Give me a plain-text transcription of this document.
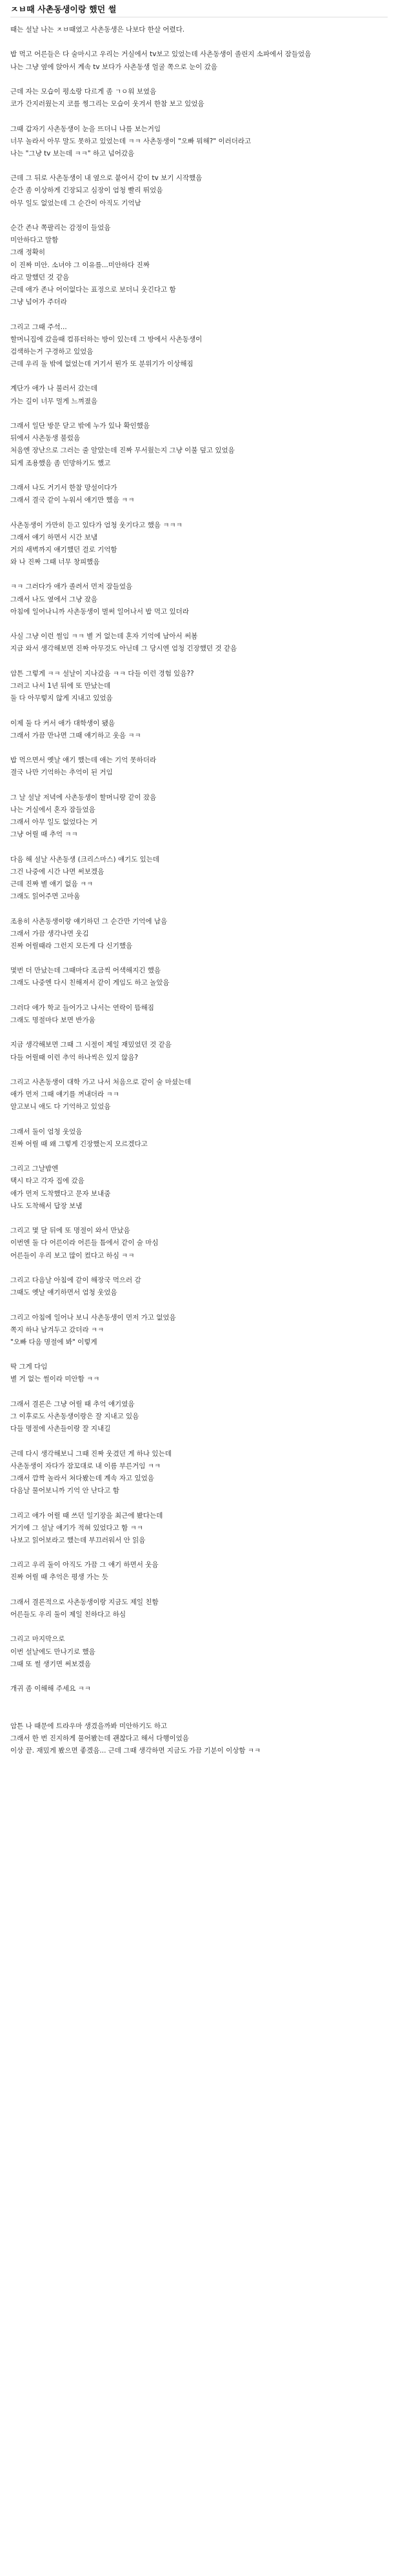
ㅈㅂ때 사촌동생이랑 했던 썰
때는 설날 나는 ㅈㅂ때였고 사촌동생은 나보다 한살 어렸다.
밥 먹고 어른들은 다 술마시고 우리는 거실에서 tv보고 있었는데 사촌동생이 졸린지 소파에서 잠들었음
나는 그냥 옆에 앉아서 계속 tv 보다가 사촌동생 얼굴 쪽으로 눈이 갔음
근데 자는 모습이 평소랑 다르게 좀 ㄱㅇ워 보였음
코가 간지러웠는지 코를 찡그리는 모습이 웃겨서 한참 보고 있었음
그때 갑자기 사촌동생이 눈을 뜨더니 나를 보는거임
너무 놀라서 아무 말도 못하고 있었는데 ㅋㅋ 사촌동생이 "오빠 뭐해?" 이러더라고
나는 "그냥 tv 보는데 ㅋㅋ" 하고 넘어갔음
근데 그 뒤로 사촌동생이 내 옆으로 붙어서 같이 tv 보기 시작했음
순간 좀 이상하게 긴장되고 심장이 엄청 빨리 뛰었음
아무 일도 없었는데 그 순간이 아직도 기억남
순간 존나 쪽팔리는 감정이 들었음
미안하다고 말함
그래 정확히
이 진짜 미안. 소녀야 그 이유를...미안하다 진짜
라고 말했던 것 같음
근데 애가 존나 어이없다는 표정으로 보더니 웃긴다고 함
그냥 넘어가 주더라
그리고 그때 주석...
할머니집에 갔을때 컴퓨터하는 방이 있는데 그 방에서 사촌동생이
검색하는거 구경하고 있었음
근데 우리 둘 밖에 없었는데 거기서 뭔가 또 분위기가 이상해짐
계단가 애가 나 불러서 갔는데
가는 길이 너무 멀게 느껴졌음
그래서 일단 방문 닫고 밖에 누가 있나 확인했음
뒤에서 사촌동생 불렀음
처음엔 장난으로 그러는 줄 알았는데 진짜 무서웠는지 그냥 이불 덮고 있었음
되게 조용했음 좀 민망하기도 했고
그래서 나도 거기서 한참 망설이다가
그래서 결국 같이 누워서 얘기만 했음 ㅋㅋ
사촌동생이 가만히 듣고 있다가 엄청 웃기다고 했음 ㅋㅋㅋ
그래서 얘기 하면서 시간 보냄
거의 새벽까지 얘기했던 걸로 기억함
와 나 진짜 그때 너무 창피했음
ㅋㅋ 그러다가 애가 졸려서 먼저 잠들었음
그래서 나도 옆에서 그냥 잤음
아침에 일어나니까 사촌동생이 벌써 일어나서 밥 먹고 있더라
사실 그냥 이런 썰임 ㅋㅋ 별 거 없는데 혼자 기억에 남아서 써봄
지금 와서 생각해보면 진짜 아무것도 아닌데 그 당시엔 엄청 긴장했던 것 같음
암튼 그렇게 ㅋㅋ 설날이 지나갔음 ㅋㅋ 다들 이런 경험 있음??
그러고 나서 1년 뒤에 또 만났는데
둘 다 아무렇지 않게 지내고 있었음
이제 둘 다 커서 애가 대학생이 됐음
그래서 가끔 만나면 그때 얘기하고 웃음 ㅋㅋ
밥 먹으면서 옛날 얘기 했는데 애는 기억 못하더라
결국 나만 기억하는 추억이 된 거임
그 날 설날 저녁에 사촌동생이 할머니랑 같이 잤음
나는 거실에서 혼자 잠들었음
그래서 아무 일도 없었다는 거
그냥 어릴 때 추억 ㅋㅋ
다음 해 설날 사촌동생 (크리스마스) 얘기도 있는데
그건 나중에 시간 나면 써보겠음
근데 진짜 별 얘기 없음 ㅋㅋ
그래도 읽어주면 고마움
조용히 사촌동생이랑 얘기하던 그 순간만 기억에 남음
그래서 가끔 생각나면 웃김
진짜 어릴때라 그런지 모든게 다 신기했음
몇번 더 만났는데 그때마다 조금씩 어색해지긴 했음
그래도 나중엔 다시 친해져서 같이 게임도 하고 놀았음
그러다 애가 학교 들어가고 나서는 연락이 뜸해짐
그래도 명절마다 보면 반가움
지금 생각해보면 그때 그 시절이 제일 재밌었던 것 같음
다들 어릴때 이런 추억 하나씩은 있지 않음?
그리고 사촌동생이 대학 가고 나서 처음으로 같이 술 마셨는데
애가 먼저 그때 얘기를 꺼내더라 ㅋㅋ
알고보니 애도 다 기억하고 있었음
그래서 둘이 엄청 웃었음
진짜 어릴 때 왜 그렇게 긴장했는지 모르겠다고
그리고 그날밤엔
택시 타고 각자 집에 갔음
애가 먼저 도착했다고 문자 보내줌
나도 도착해서 답장 보냄
그리고 몇 달 뒤에 또 명절이 와서 만났음
이번엔 둘 다 어른이라 어른들 틈에서 같이 술 마심
어른들이 우리 보고 많이 컸다고 하심 ㅋㅋ
그리고 다음날 아침에 같이 해장국 먹으러 감
그때도 옛날 얘기하면서 엄청 웃었음
그리고 아침에 일어나 보니 사촌동생이 먼저 가고 없었음
쪽지 하나 남겨두고 갔더라 ㅋㅋ
"오빠 다음 명절에 봐" 이렇게
딱 그게 다임
별 거 없는 썰이라 미안함 ㅋㅋ
그래서 결론은 그냥 어릴 때 추억 얘기였음
그 이후로도 사촌동생이랑은 잘 지내고 있음
다들 명절에 사촌들이랑 잘 지내길
근데 다시 생각해보니 그때 진짜 웃겼던 게 하나 있는데
사촌동생이 자다가 잠꼬대로 내 이름 부른거임 ㅋㅋ
그래서 깜짝 놀라서 쳐다봤는데 계속 자고 있었음
다음날 물어보니까 기억 안 난다고 함
그리고 애가 어릴 때 쓰던 일기장을 최근에 봤다는데
거기에 그 설날 얘기가 적혀 있었다고 함 ㅋㅋ
나보고 읽어보라고 했는데 부끄러워서 안 읽음
그리고 우리 둘이 아직도 가끔 그 얘기 하면서 웃음
진짜 어릴 때 추억은 평생 가는 듯
그래서 결론적으로 사촌동생이랑 지금도 제일 친함
어른들도 우리 둘이 제일 친하다고 하심
그리고 마지막으로
이번 설날에도 만나기로 했음
그때 또 썰 생기면 써보겠음
개귀 좀 이해해 주세요 ㅋㅋ
암튼 나 때문에 트라우마 생겼을까봐 미안하기도 하고
그래서 한 번 진지하게 물어봤는데 괜찮다고 해서 다행이었음
이상 끝. 재밌게 봤으면 좋겠음... 근데 그때 생각하면 지금도 가끔 기분이 이상함 ㅋㅋ
